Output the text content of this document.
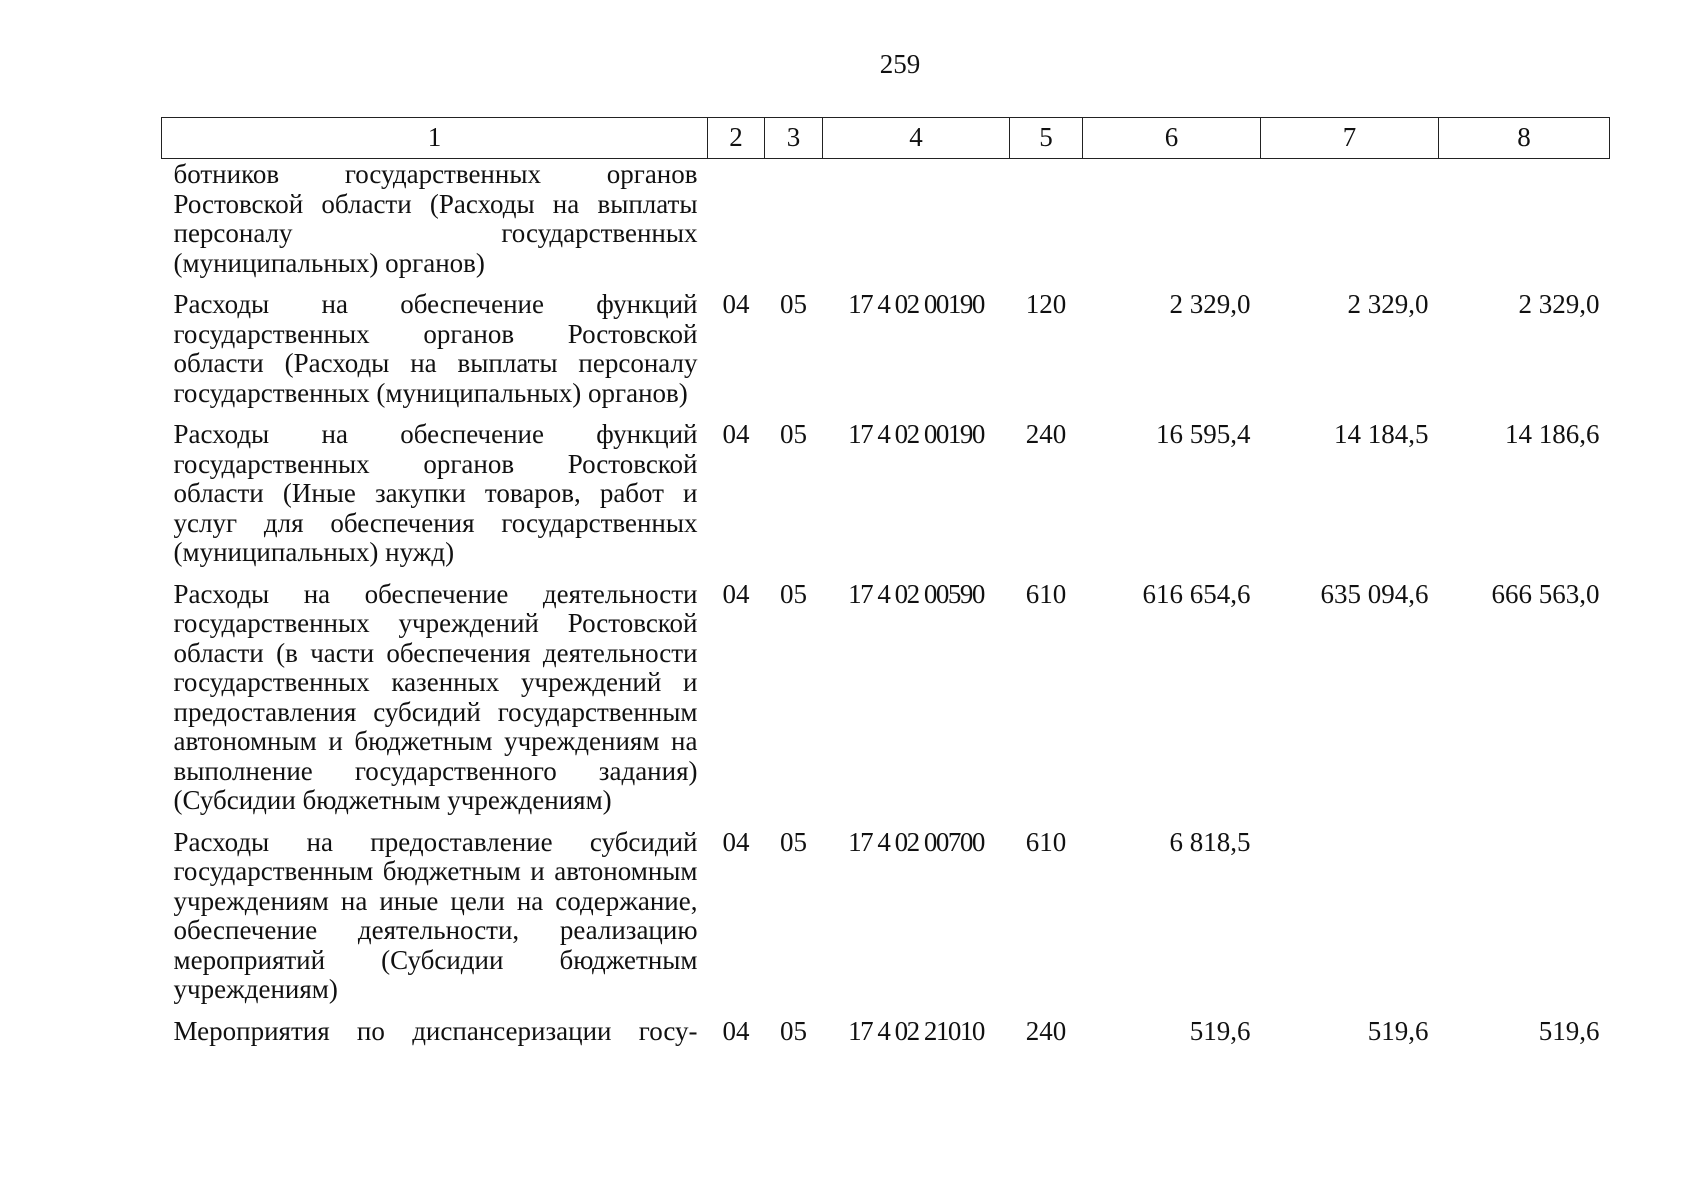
259
1	2	3	4	5	6	7	8
ботников государственных органов Ростовской области (Расходы на выплаты персоналу государственных (муниципальных) органов)							
Расходы на обеспечение функций государственных органов Ростовской области (Расходы на выплаты персоналу государственных (муниципальных) органов)	04	05	17 4 02 00190	120	2 329,0	2 329,0	2 329,0
Расходы на обеспечение функций государственных органов Ростовской области (Иные закупки товаров, работ и услуг для обеспечения государственных (муниципальных) нужд)	04	05	17 4 02 00190	240	16 595,4	14 184,5	14 186,6
Расходы на обеспечение деятельности государственных учреждений Ростовской области (в части обеспечения деятельности государственных казенных учреждений и предоставления субсидий государственным автономным и бюджетным учреждениям на выполнение государственного задания) (Субсидии бюджетным учреждениям)	04	05	17 4 02 00590	610	616 654,6	635 094,6	666 563,0
Расходы на предоставление субсидий государственным бюджетным и автономным учреждениям на иные цели на содержание, обеспечение деятельности, реализацию мероприятий (Субсидии бюджетным учреждениям)	04	05	17 4 02 00700	610	6 818,5		
Мероприятия по диспансеризации госу-	04	05	17 4 02 21010	240	519,6	519,6	519,6
